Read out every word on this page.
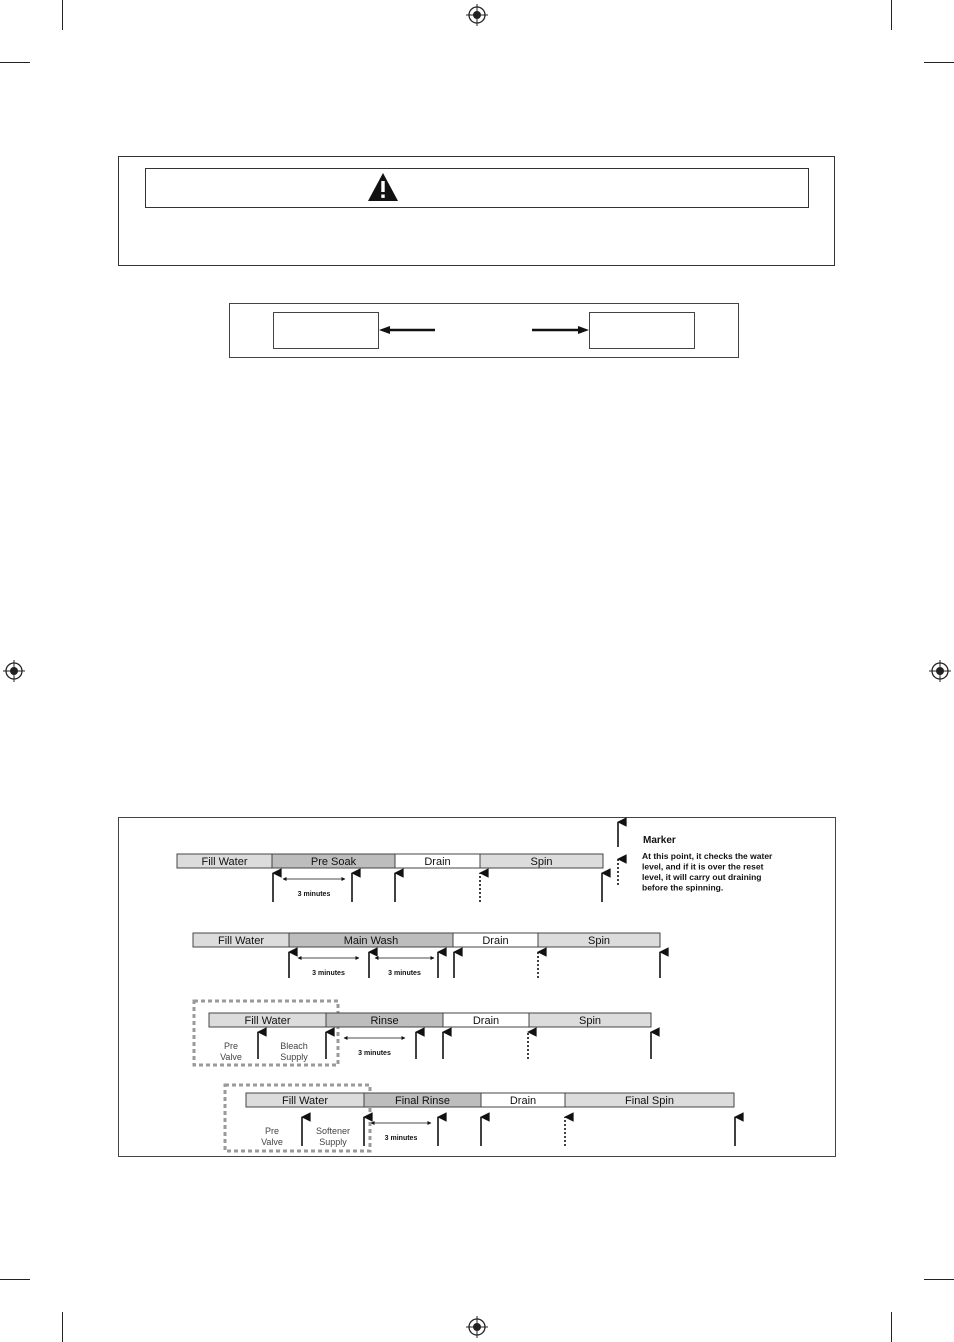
Fill Water	Pre Soak	Drain	Spin
3 minutes
Fill Water	Main Wash	Drain	Spin
3 minutes	3 minutes
Fill Water	Rinse	Drain	Spin
3 minutes
Pre Valve
Bleach Supply
Fill Water	Final Rinse	Drain	Final Spin
3 minutes
Pre Valve
Softener Supply
Marker
At this point, it checks the water level, and if it is over the reset level, it will carry out draining before the spinning.
